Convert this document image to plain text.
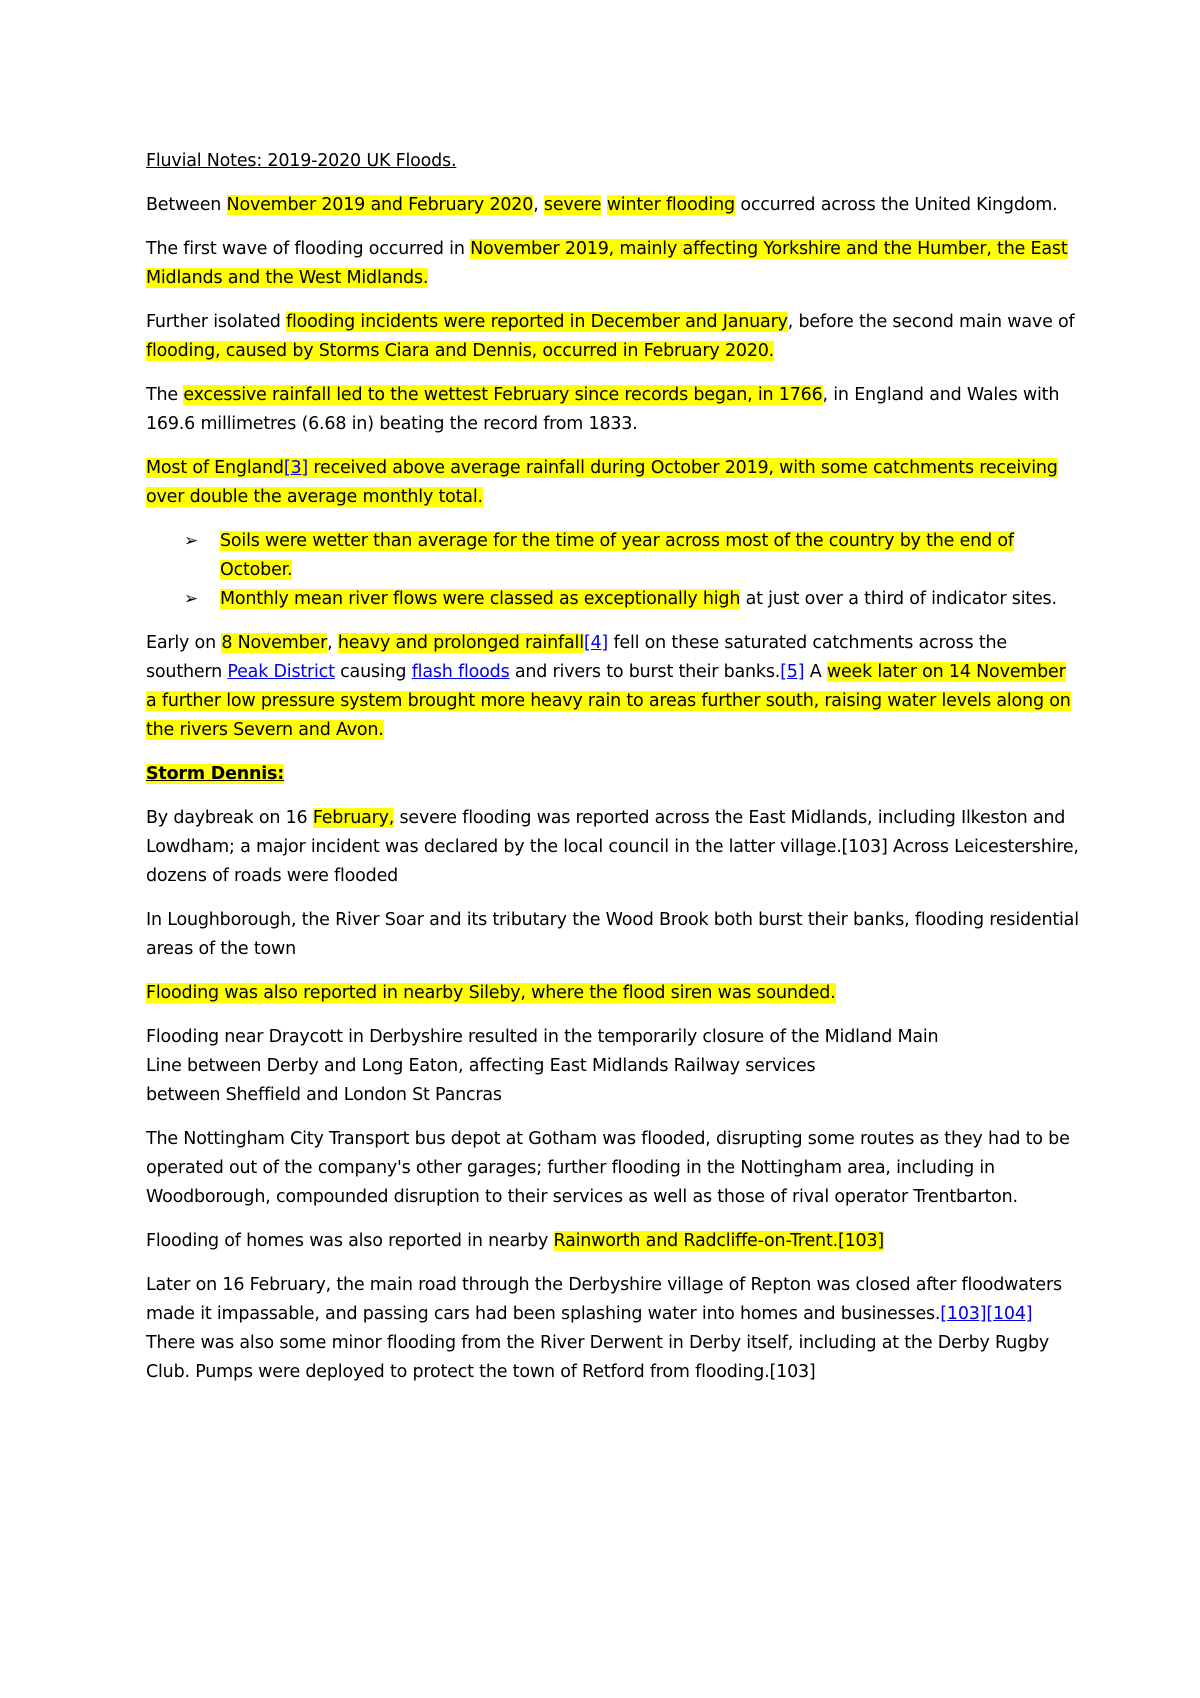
Fluvial Notes: 2019-2020 UK Floods.

Between November 2019 and February 2020, severe winter flooding occurred across the United Kingdom.

The first wave of flooding occurred in November 2019, mainly affecting Yorkshire and the Humber, the East Midlands and the West Midlands.

Further isolated flooding incidents were reported in December and January, before the second main wave of flooding, caused by Storms Ciara and Dennis, occurred in February 2020.

The excessive rainfall led to the wettest February since records began, in 1766, in England and Wales with 169.6 millimetres (6.68 in) beating the record from 1833.

Most of England[3] received above average rainfall during October 2019, with some catchments receiving over double the average monthly total.

➢ Soils were wetter than average for the time of year across most of the country by the end of October.
➢ Monthly mean river flows were classed as exceptionally high at just over a third of indicator sites.

Early on 8 November, heavy and prolonged rainfall[4] fell on these saturated catchments across the southern Peak District causing flash floods and rivers to burst their banks.[5] A week later on 14 November a further low pressure system brought more heavy rain to areas further south, raising water levels along on the rivers Severn and Avon.

Storm Dennis:

By daybreak on 16 February, severe flooding was reported across the East Midlands, including Ilkeston and Lowdham; a major incident was declared by the local council in the latter village.[103] Across Leicestershire, dozens of roads were flooded

In Loughborough, the River Soar and its tributary the Wood Brook both burst their banks, flooding residential areas of the town

Flooding was also reported in nearby Sileby, where the flood siren was sounded.

Flooding near Draycott in Derbyshire resulted in the temporarily closure of the Midland Main
Line between Derby and Long Eaton, affecting East Midlands Railway services
between Sheffield and London St Pancras

The Nottingham City Transport bus depot at Gotham was flooded, disrupting some routes as they had to be operated out of the company's other garages; further flooding in the Nottingham area, including in Woodborough, compounded disruption to their services as well as those of rival operator Trentbarton.

Flooding of homes was also reported in nearby Rainworth and Radcliffe-on-Trent.[103]

Later on 16 February, the main road through the Derbyshire village of Repton was closed after floodwaters made it impassable, and passing cars had been splashing water into homes and businesses.[103][104] There was also some minor flooding from the River Derwent in Derby itself, including at the Derby Rugby Club. Pumps were deployed to protect the town of Retford from flooding.[103]
